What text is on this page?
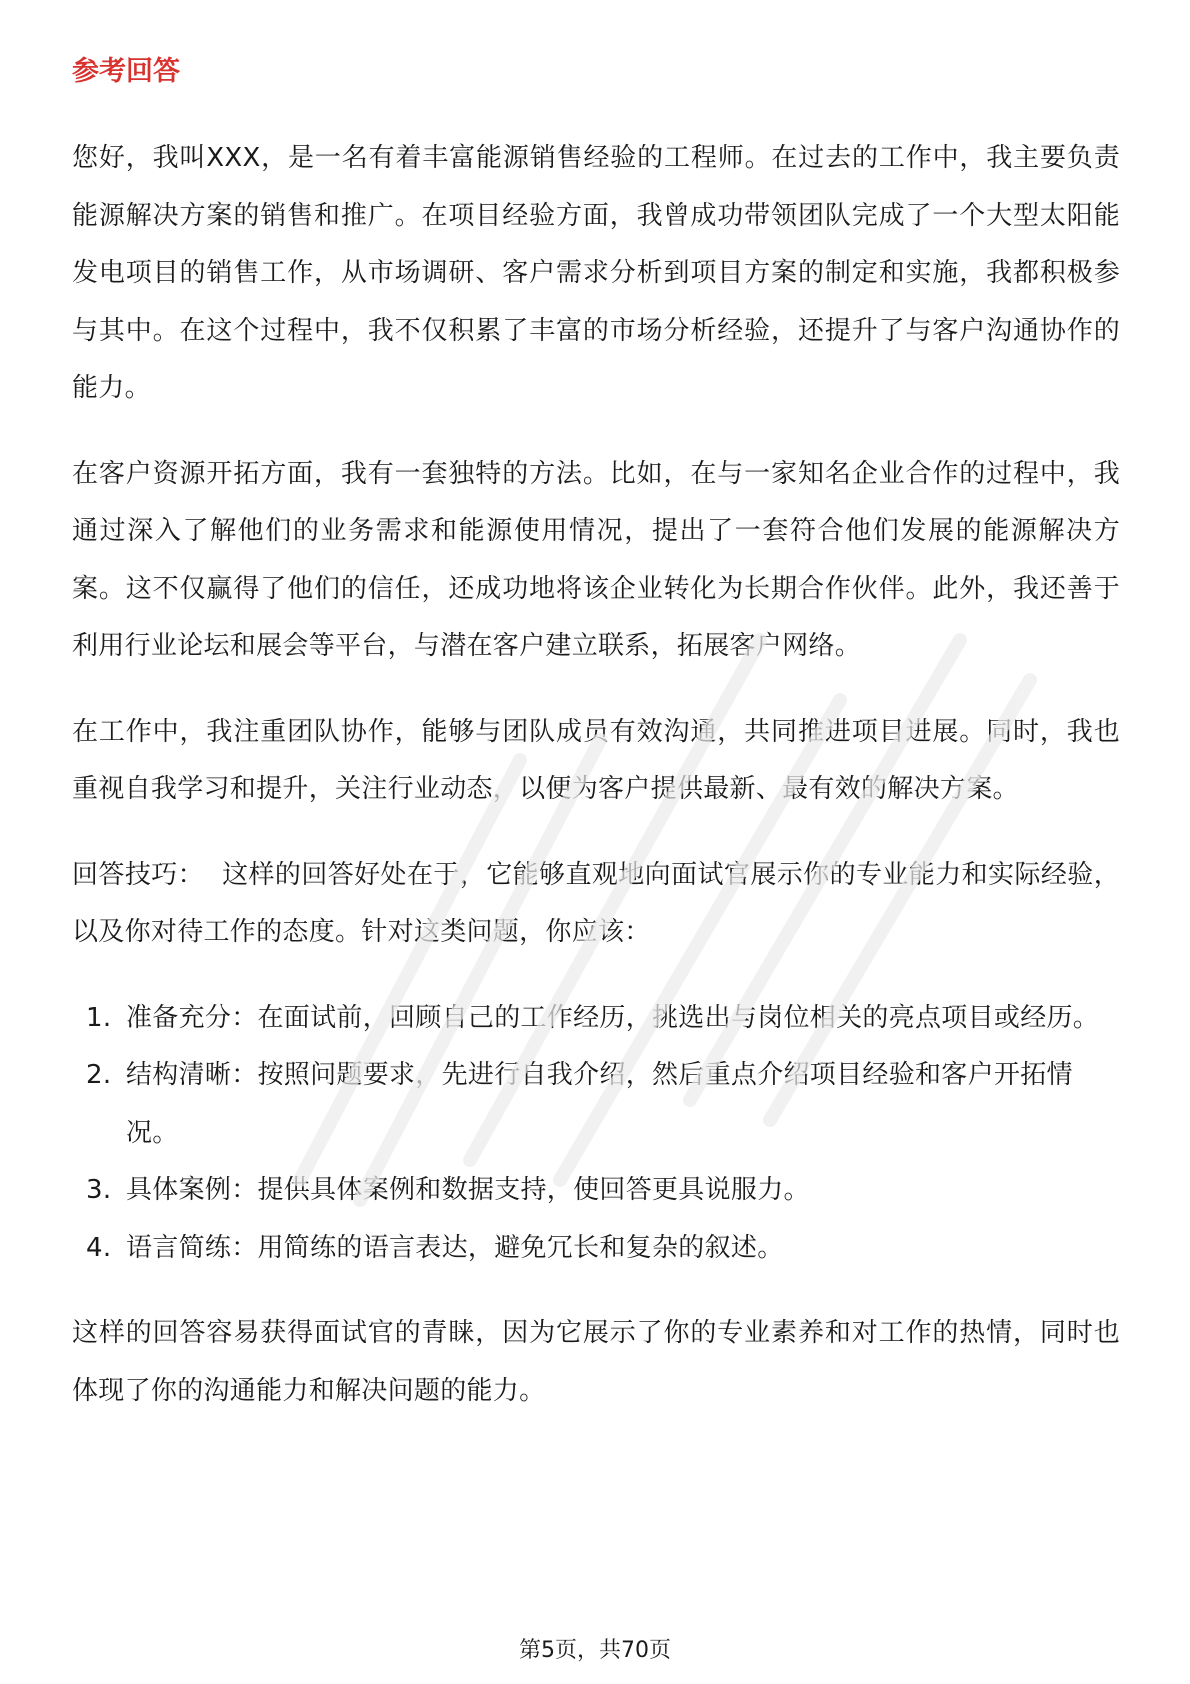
参考回答

您好，我叫XXX，是一名有着丰富能源销售经验的工程师。在过去的工作中，我主要负责能源解决方案的销售和推广。在项目经验方面，我曾成功带领团队完成了一个大型太阳能发电项目的销售工作，从市场调研、客户需求分析到项目方案的制定和实施，我都积极参与其中。在这个过程中，我不仅积累了丰富的市场分析经验，还提升了与客户沟通协作的能力。

在客户资源开拓方面，我有一套独特的方法。比如，在与一家知名企业合作的过程中，我通过深入了解他们的业务需求和能源使用情况，提出了一套符合他们发展的能源解决方案。这不仅赢得了他们的信任，还成功地将该企业转化为长期合作伙伴。此外，我还善于利用行业论坛和展会等平台，与潜在客户建立联系，拓展客户网络。

在工作中，我注重团队协作，能够与团队成员有效沟通，共同推进项目进展。同时，我也重视自我学习和提升，关注行业动态，以便为客户提供最新、最有效的解决方案。

回答技巧： 这样的回答好处在于，它能够直观地向面试官展示你的专业能力和实际经验，以及你对待工作的态度。针对这类问题，你应该：

1. 准备充分：在面试前，回顾自己的工作经历，挑选出与岗位相关的亮点项目或经历。
2. 结构清晰：按照问题要求，先进行自我介绍，然后重点介绍项目经验和客户开拓情况。
3. 具体案例：提供具体案例和数据支持，使回答更具说服力。
4. 语言简练：用简练的语言表达，避免冗长和复杂的叙述。

这样的回答容易获得面试官的青睐，因为它展示了你的专业素养和对工作的热情，同时也体现了你的沟通能力和解决问题的能力。

第5页，共70页
